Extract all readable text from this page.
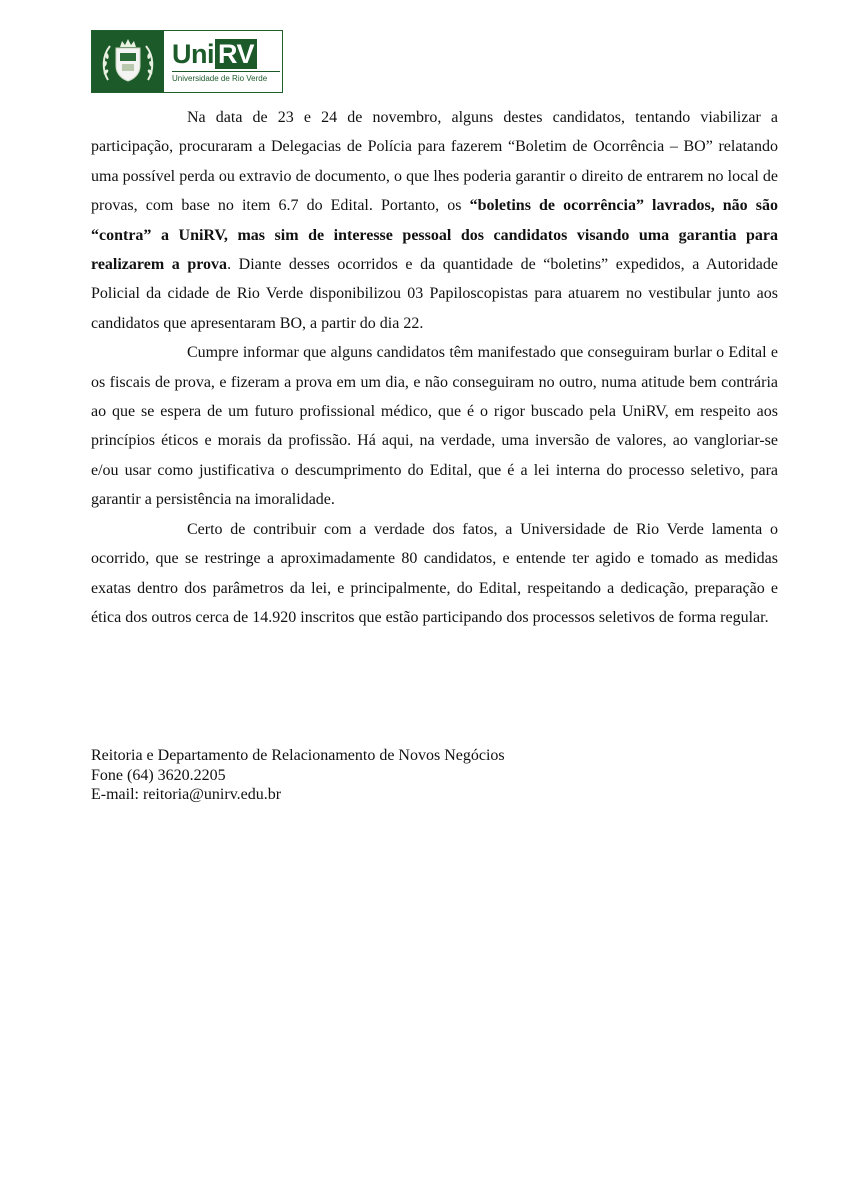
Uni RV
Universidade de Rio Verde

Na data de 23 e 24 de novembro, alguns destes candidatos, tentando viabilizar a participação, procuraram a Delegacias de Polícia para fazerem “Boletim de Ocorrência – BO” relatando uma possível perda ou extravio de documento, o que lhes poderia garantir o direito de entrarem no local de provas, com base no item 6.7 do Edital. Portanto, os “boletins de ocorrência” lavrados, não são “contra” a UniRV, mas sim de interesse pessoal dos candidatos visando uma garantia para realizarem a prova. Diante desses ocorridos e da quantidade de “boletins” expedidos, a Autoridade Policial da cidade de Rio Verde disponibilizou 03 Papiloscopistas para atuarem no vestibular junto aos candidatos que apresentaram BO, a partir do dia 22.

Cumpre informar que alguns candidatos têm manifestado que conseguiram burlar o Edital e os fiscais de prova, e fizeram a prova em um dia, e não conseguiram no outro, numa atitude bem contrária ao que se espera de um futuro profissional médico, que é o rigor buscado pela UniRV, em respeito aos princípios éticos e morais da profissão. Há aqui, na verdade, uma inversão de valores, ao vangloriar-se e/ou usar como justificativa o descumprimento do Edital, que é a lei interna do processo seletivo, para garantir a persistência na imoralidade.

Certo de contribuir com a verdade dos fatos, a Universidade de Rio Verde lamenta o ocorrido, que se restringe a aproximadamente 80 candidatos, e entende ter agido e tomado as medidas exatas dentro dos parâmetros da lei, e principalmente, do Edital, respeitando a dedicação, preparação e ética dos outros cerca de 14.920 inscritos que estão participando dos processos seletivos de forma regular.

Reitoria e Departamento de Relacionamento de Novos Negócios
Fone (64) 3620.2205
E-mail: reitoria@unirv.edu.br
